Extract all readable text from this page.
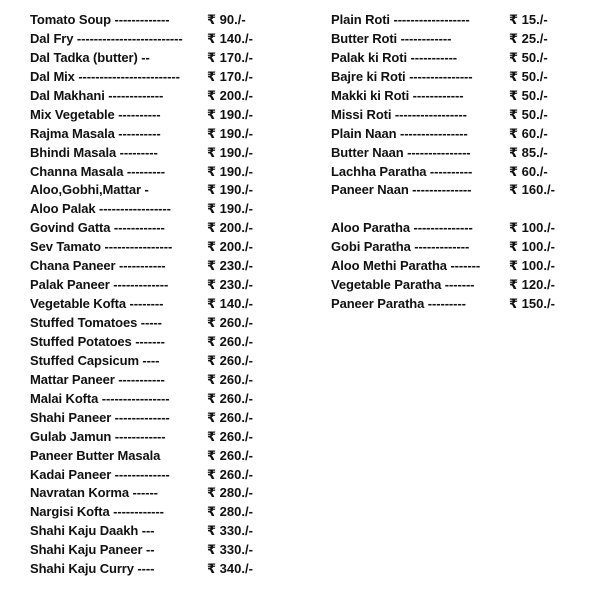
Tomato Soup -------------	₹ 90./-
Dal Fry ------------------------- ₹ 140./-
Dal Tadka (butter) --	₹ 170./-
Dal Mix ------------------------ ₹ 170./-
Dal Makhani -------------	₹ 200./-
Mix Vegetable ----------	₹ 190./-
Rajma Masala ----------	₹ 190./-
Bhindi Masala ---------	₹ 190./-
Channa Masala ---------	₹ 190./-
Aloo,Gobhi,Mattar -	₹ 190./-
Aloo Palak -----------------	₹ 190./-
Govind Gatta ------------	₹ 200./-
Sev Tamato ----------------	₹ 200./-
Chana Paneer -----------	₹ 230./-
Palak Paneer -------------	₹ 230./-
Vegetable Kofta --------	₹ 140./-
Stuffed Tomatoes -----	₹ 260./-
Stuffed Potatoes -------	₹ 260./-
Stuffed Capsicum ----	₹ 260./-
Mattar Paneer -----------	₹ 260./-
Malai Kofta ----------------	₹ 260./-
Shahi Paneer -------------	₹ 260./-
Gulab Jamun ------------	₹ 260./-
Paneer Butter Masala	₹ 260./-
Kadai Paneer -------------	₹ 260./-
Navratan Korma ------	₹ 280./-
Nargisi Kofta ------------	₹ 280./-
Shahi Kaju Daakh ---	₹ 330./-
Shahi Kaju Paneer --	₹ 330./-
Shahi Kaju Curry ----	₹ 340./-
Plain Roti ------------------	₹ 15./-
Butter Roti ------------	₹ 25./-
Palak ki Roti -----------	₹ 50./-
Bajre ki Roti ---------------	₹ 50./-
Makki ki Roti ------------	₹ 50./-
Missi Roti -----------------	₹ 50./-
Plain Naan ----------------	₹ 60./-
Butter Naan ---------------	₹ 85./-
Lachha Paratha ----------	₹ 60./-
Paneer Naan --------------	₹ 160./-
Aloo Paratha --------------	₹ 100./-
Gobi Paratha -------------	₹ 100./-
Aloo Methi Paratha ------- ₹ 100./-
Vegetable Paratha -------	₹ 120./-
Paneer Paratha ---------	₹ 150./-
